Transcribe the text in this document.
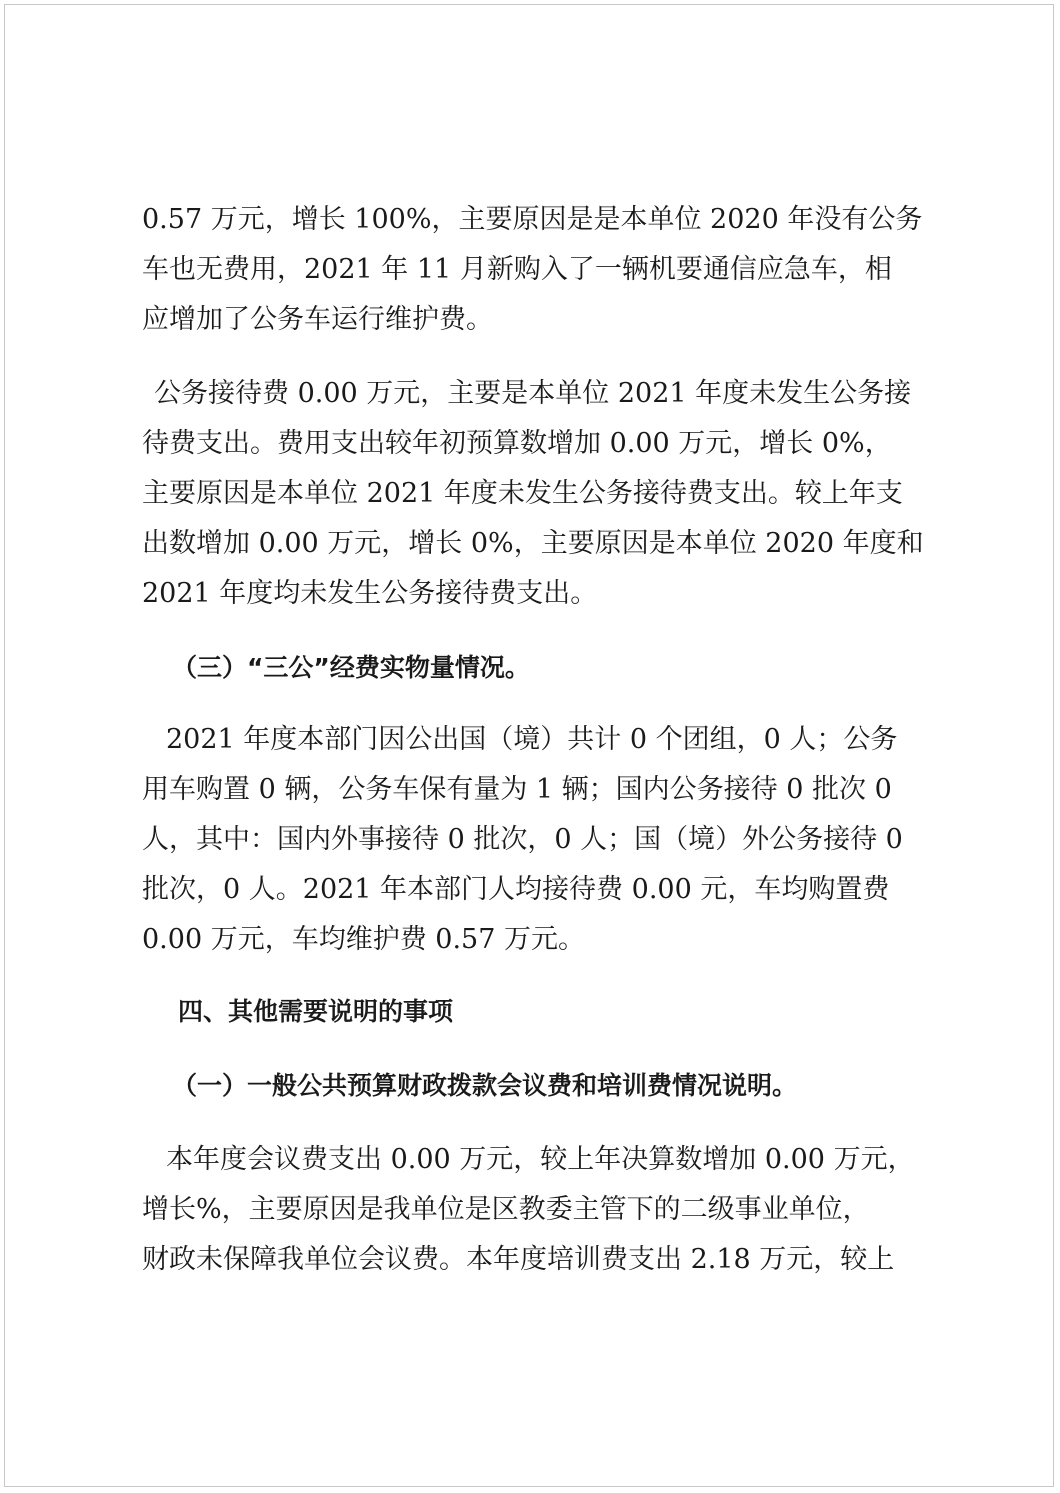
0.57 万元，增长 100%，主要原因是是本单位 2020 年没有公务
车也无费用，2021 年 11 月新购入了一辆机要通信应急车，相
应增加了公务车运行维护费。
公务接待费 0.00 万元，主要是本单位 2021 年度未发生公务接
待费支出。费用支出较年初预算数增加 0.00 万元，增长 0%，
主要原因是本单位 2021 年度未发生公务接待费支出。较上年支
出数增加 0.00 万元，增长 0%，主要原因是本单位 2020 年度和
2021 年度均未发生公务接待费支出。
（三）“三公”经费实物量情况。
2021 年度本部门因公出国（境）共计 0 个团组，0 人；公务
用车购置 0 辆，公务车保有量为 1 辆；国内公务接待 0 批次 0
人，其中：国内外事接待 0 批次，0 人；国（境）外公务接待 0
批次，0 人。2021 年本部门人均接待费 0.00 元，车均购置费
0.00 万元，车均维护费 0.57 万元。
四、其他需要说明的事项
（一）一般公共预算财政拨款会议费和培训费情况说明。
本年度会议费支出 0.00 万元，较上年决算数增加 0.00 万元，
增长%，主要原因是我单位是区教委主管下的二级事业单位，
财政未保障我单位会议费。本年度培训费支出 2.18 万元，较上
